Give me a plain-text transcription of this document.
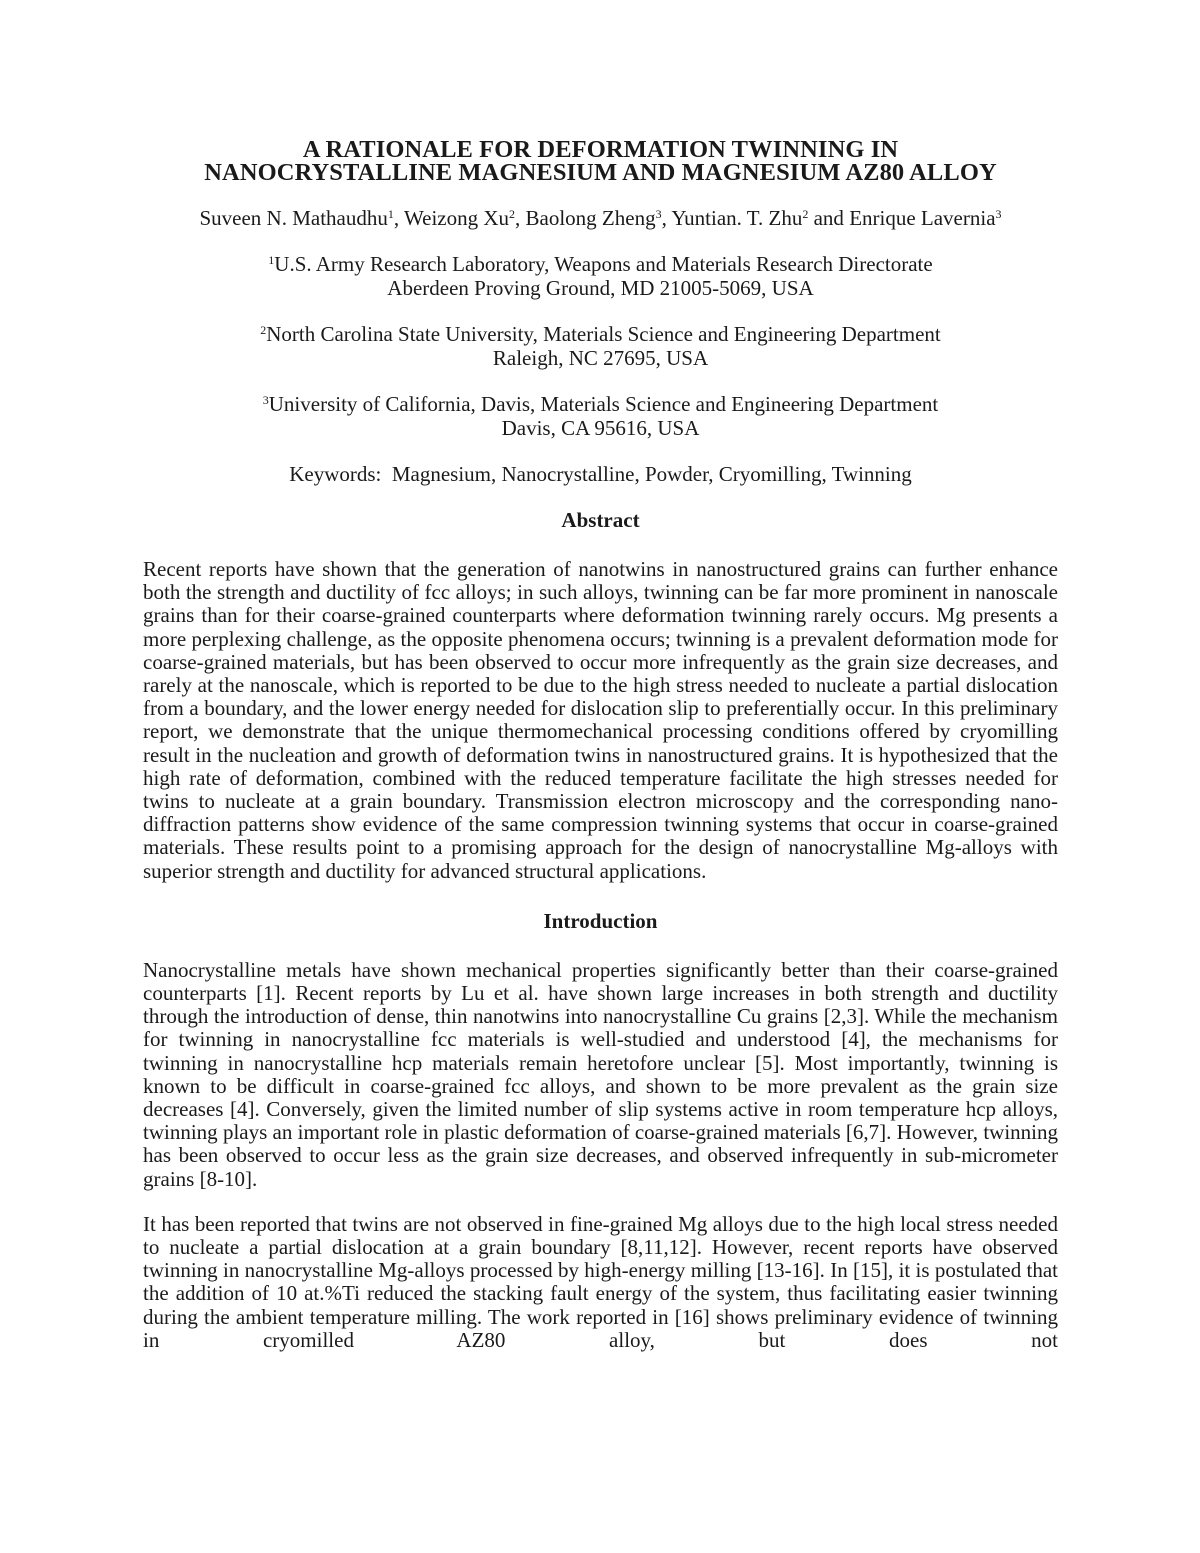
A RATIONALE FOR DEFORMATION TWINNING IN
NANOCRYSTALLINE MAGNESIUM AND MAGNESIUM AZ80 ALLOY
Suveen N. Mathaudhu$^1$, Weizong Xu$^2$, Baolong Zheng$^3$, Yuntian. T. Zhu$^2$ and Enrique Lavernia$^3$
$^1$U.S. Army Research Laboratory, Weapons and Materials Research Directorate
Aberdeen Proving Ground, MD 21005-5069, USA
$^2$North Carolina State University, Materials Science and Engineering Department
Raleigh, NC 27695, USA
$^3$University of California, Davis, Materials Science and Engineering Department
Davis, CA 95616, USA
Keywords:  Magnesium, Nanocrystalline, Powder, Cryomilling, Twinning
Abstract

Recent reports have shown that the generation of nanotwins in nanostructured grains can further enhance both the strength and ductility of fcc alloys; in such alloys, twinning can be far more prominent in nanoscale grains than for their coarse-grained counterparts where deformation twinning rarely occurs. Mg presents a more perplexing challenge, as the opposite phenomena occurs; twinning is a prevalent deformation mode for coarse-grained materials, but has been observed to occur more infrequently as the grain size decreases, and rarely at the nanoscale, which is reported to be due to the high stress needed to nucleate a partial dislocation from a boundary, and the lower energy needed for dislocation slip to preferentially occur. In this preliminary report, we demonstrate that the unique thermomechanical processing conditions offered by cryomilling result in the nucleation and growth of deformation twins in nanostructured grains. It is hypothesized that the high rate of deformation, combined with the reduced temperature facilitate the high stresses needed for twins to nucleate at a grain boundary. Transmission electron microscopy and the corresponding nano-diffraction patterns show evidence of the same compression twinning systems that occur in coarse-grained materials. These results point to a promising approach for the design of nanocrystalline Mg-alloys with superior strength and ductility for advanced structural applications.

Introduction

Nanocrystalline metals have shown mechanical properties significantly better than their coarse-grained counterparts [1]. Recent reports by Lu et al. have shown large increases in both strength and ductility through the introduction of dense, thin nanotwins into nanocrystalline Cu grains [2,3]. While the mechanism for twinning in nanocrystalline fcc materials is well-studied and understood [4], the mechanisms for twinning in nanocrystalline hcp materials remain heretofore unclear [5]. Most importantly, twinning is known to be difficult in coarse-grained fcc alloys, and shown to be more prevalent as the grain size decreases [4]. Conversely, given the limited number of slip systems active in room temperature hcp alloys, twinning plays an important role in plastic deformation of coarse-grained materials [6,7]. However, twinning has been observed to occur less as the grain size decreases, and observed infrequently in sub-micrometer grains [8-10].

It has been reported that twins are not observed in fine-grained Mg alloys due to the high local stress needed to nucleate a partial dislocation at a grain boundary [8,11,12]. However, recent reports have observed twinning in nanocrystalline Mg-alloys processed by high-energy milling [13-16]. In [15], it is postulated that the addition of 10 at.%Ti reduced the stacking fault energy of the system, thus facilitating easier twinning during the ambient temperature milling. The work reported in [16] shows preliminary evidence of twinning in cryomilled AZ80 alloy, but does not
